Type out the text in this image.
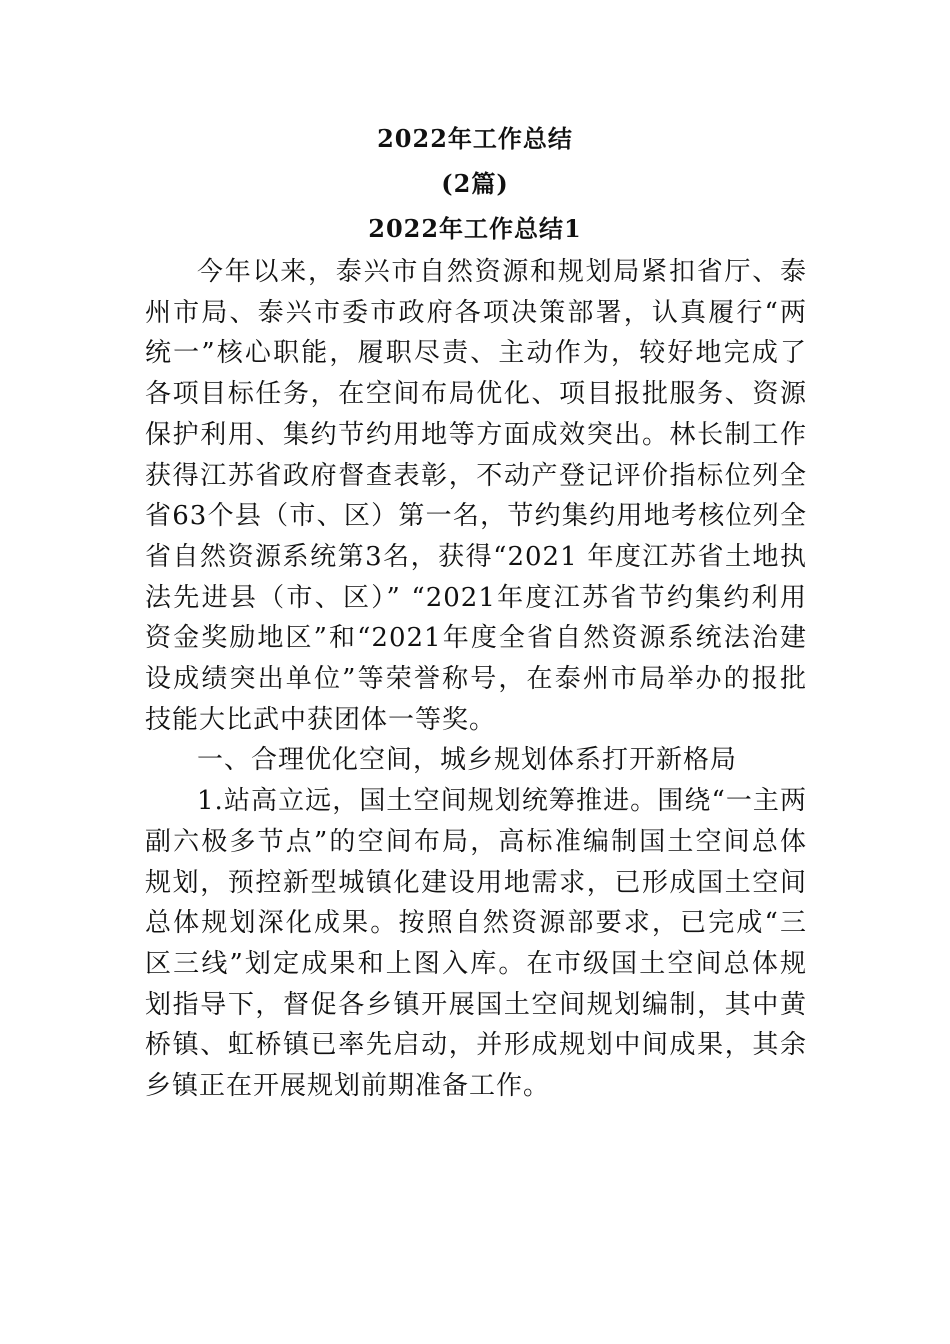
2022年工作总结
(2篇)
2022年工作总结1

今年以来，泰兴市自然资源和规划局紧扣省厅、泰州市局、泰兴市委市政府各项决策部署，认真履行“两统一”核心职能，履职尽责、主动作为，较好地完成了各项目标任务，在空间布局优化、项目报批服务、资源保护利用、集约节约用地等方面成效突出。林长制工作获得江苏省政府督查表彰，不动产登记评价指标位列全省63个县（市、区）第一名，节约集约用地考核位列全省自然资源系统第3名，获得“2021 年度江苏省土地执法先进县（市、区）” “2021年度江苏省节约集约利用资金奖励地区”和“2021年度全省自然资源系统法治建设成绩突出单位”等荣誉称号，在泰州市局举办的报批技能大比武中获团体一等奖。

一、合理优化空间，城乡规划体系打开新格局

1.站高立远，国土空间规划统筹推进。围绕“一主两副六极多节点”的空间布局，高标准编制国土空间总体规划，预控新型城镇化建设用地需求，已形成国土空间总体规划深化成果。按照自然资源部要求，已完成“三区三线”划定成果和上图入库。在市级国土空间总体规划指导下，督促各乡镇开展国土空间规划编制，其中黄桥镇、虹桥镇已率先启动，并形成规划中间成果，其余乡镇正在开展规划前期准备工作。
